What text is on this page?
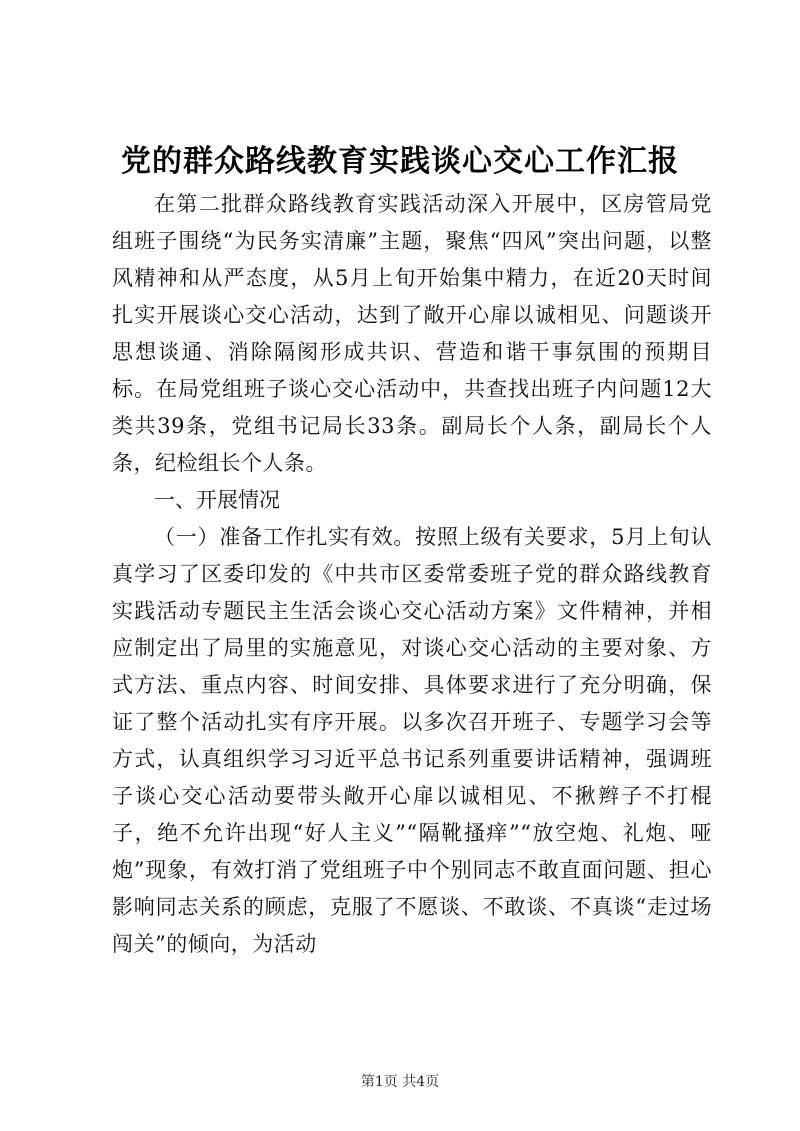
党的群众路线教育实践谈心交心工作汇报

在第二批群众路线教育实践活动深入开展中，区房管局党组班子围绕“为民务实清廉”主题，聚焦“四风”突出问题，以整风精神和从严态度，从5月上旬开始集中精力，在近20天时间扎实开展谈心交心活动，达到了敞开心扉以诚相见、问题谈开思想谈通、消除隔阂形成共识、营造和谐干事氛围的预期目标。在局党组班子谈心交心活动中，共查找出班子内问题12大类共39条，党组书记局长33条。副局长个人条，副局长个人条，纪检组长个人条。

一、开展情况

（一）准备工作扎实有效。按照上级有关要求，5月上旬认真学习了区委印发的《中共市区委常委班子党的群众路线教育实践活动专题民主生活会谈心交心活动方案》文件精神，并相应制定出了局里的实施意见，对谈心交心活动的主要对象、方式方法、重点内容、时间安排、具体要求进行了充分明确，保证了整个活动扎实有序开展。以多次召开班子、专题学习会等方式，认真组织学习习近平总书记系列重要讲话精神，强调班子谈心交心活动要带头敞开心扉以诚相见、不揪辫子不打棍子，绝不允许出现“好人主义”“隔靴搔痒”“放空炮、礼炮、哑炮”现象，有效打消了党组班子中个别同志不敢直面问题、担心影响同志关系的顾虑，克服了不愿谈、不敢谈、不真谈“走过场闯关”的倾向，为活动

第1页 共4页
